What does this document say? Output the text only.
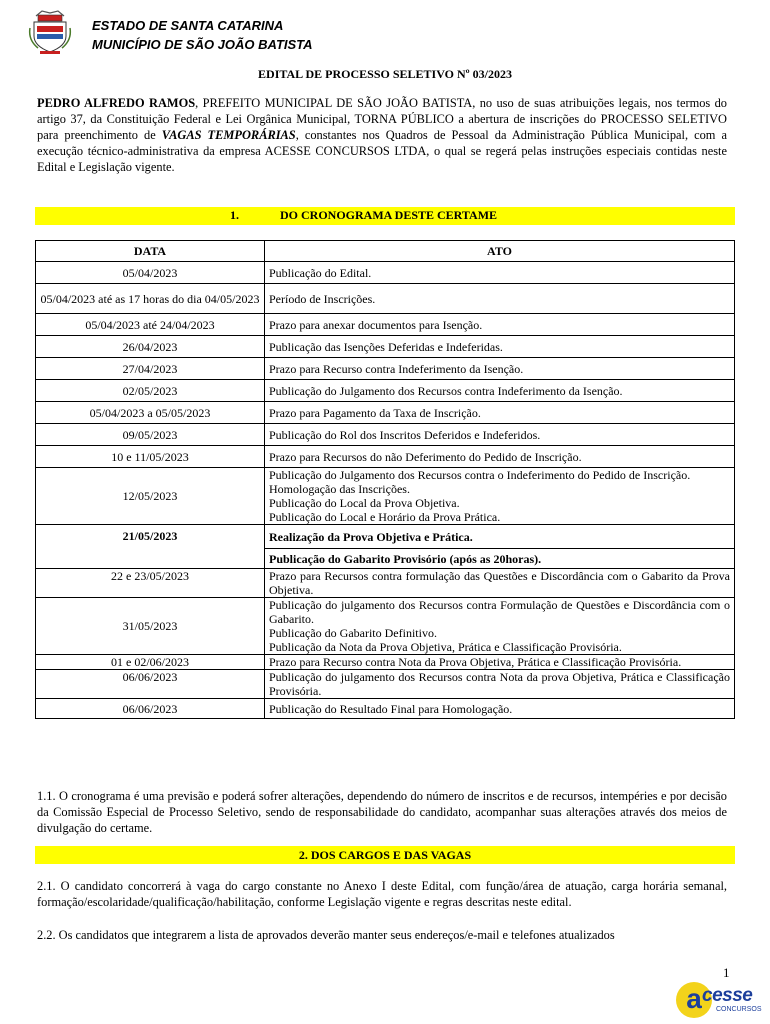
ESTADO DE SANTA CATARINA
MUNICÍPIO DE SÃO JOÃO BATISTA
EDITAL DE PROCESSO SELETIVO Nº 03/2023
PEDRO ALFREDO RAMOS, PREFEITO MUNICIPAL DE SÃO JOÃO BATISTA, no uso de suas atribuições legais, nos termos do artigo 37, da Constituição Federal e Lei Orgânica Municipal, TORNA PÚBLICO a abertura de inscrições do PROCESSO SELETIVO para preenchimento de VAGAS TEMPORÁRIAS, constantes nos Quadros de Pessoal da Administração Pública Municipal, com a execução técnico-administrativa da empresa ACESSE CONCURSOS LTDA, o qual se regerá pelas instruções especiais contidas neste Edital e Legislação vigente.
1.	DO CRONOGRAMA DESTE CERTAME
DATA	ATO
05/04/2023	Publicação do Edital.
05/04/2023 até as 17 horas do dia 04/05/2023	Período de Inscrições.
05/04/2023 até 24/04/2023	Prazo para anexar documentos para Isenção.
26/04/2023	Publicação das Isenções Deferidas e Indeferidas.
27/04/2023	Prazo para Recurso contra Indeferimento da Isenção.
02/05/2023	Publicação do Julgamento dos Recursos contra Indeferimento da Isenção.
05/04/2023 a 05/05/2023	Prazo para Pagamento da Taxa de Inscrição.
09/05/2023	Publicação do Rol dos Inscritos Deferidos e Indeferidos.
10 e 11/05/2023	Prazo para Recursos do não Deferimento do Pedido de Inscrição.
12/05/2023	Publicação do Julgamento dos Recursos contra o Indeferimento do Pedido de Inscrição.
Homologação das Inscrições.
Publicação do Local da Prova Objetiva.
Publicação do Local e Horário da Prova Prática.

21/05/2023	Realização da Prova Objetiva e Prática.
	Publicação do Gabarito Provisório (após as 20horas).
22 e 23/05/2023	Prazo para Recursos contra formulação das Questões e Discordância com o Gabarito da Prova Objetiva.
31/05/2023	Publicação do julgamento dos Recursos contra Formulação de Questões e Discordância com o Gabarito.
Publicação do Gabarito Definitivo.
Publicação da Nota da Prova Objetiva, Prática e Classificação Provisória.

01 e 02/06/2023	Prazo para Recurso contra Nota da Prova Objetiva, Prática e Classificação Provisória.
06/06/2023	Publicação do julgamento dos Recursos contra Nota da prova Objetiva, Prática e Classificação Provisória.
06/06/2023	Publicação do Resultado Final para Homologação.
1.1. O cronograma é uma previsão e poderá sofrer alterações, dependendo do número de inscritos e de recursos, intempéries e por decisão da Comissão Especial de Processo Seletivo, sendo de responsabilidade do candidato, acompanhar suas alterações através dos meios de divulgação do certame.
2. DOS CARGOS E DAS VAGAS
2.1. O candidato concorrerá à vaga do cargo constante no Anexo I deste Edital, com função/área de atuação, carga horária semanal, formação/escolaridade/qualificação/habilitação, conforme Legislação vigente e regras descritas neste edital.
2.2. Os candidatos que integrarem a lista de aprovados deverão manter seus endereços/e-mail e telefones atualizados
1
a cesse
CONCURSOS
